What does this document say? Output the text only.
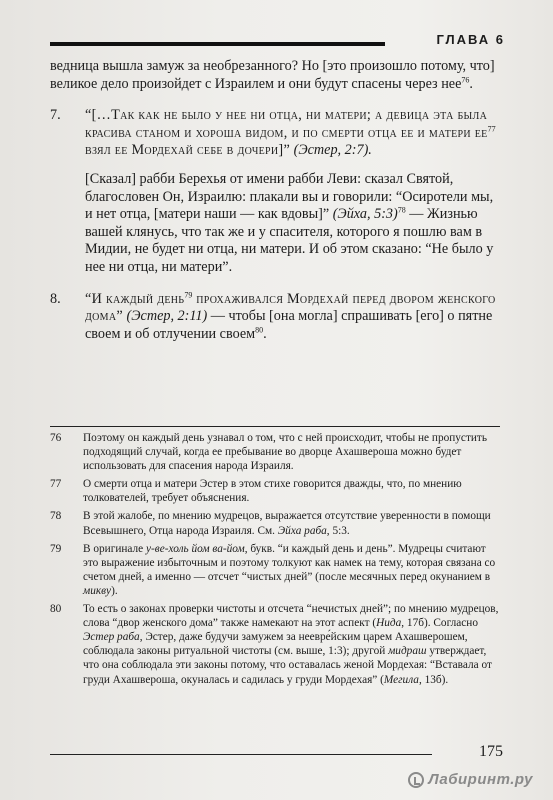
ГЛАВА 6

ведница вышла замуж за необрезанного? Но [это произошло потому, что] великое дело произойдет с Израилем и они будут спасены через нее$^{76}$.

7. “[…Так как не было у нее ни отца, ни матери; а девица эта была красива станом и хороша видом, и по смерти отца ее и матери $ее^{77}$ взял ее Мордехай себе в дочери]” (Эстер, 2:7).
[Сказал] рабби Берехья от имени рабби Леви: сказал Святой, благословен Он, Израилю: плакали вы и говорили: “Осиротели мы, и нет отца, [матери наши — как вдовы]” (Эйха, 5:3)$^{78}$ — Жизнью вашей клянусь, что так же и у спасителя, которого я пошлю вам в Мидии, не будет ни отца, ни матери. И об этом сказано: “Не было у нее ни отца, ни матери”.
8. “И каждый день$^{79}$ прохаживался Мордехай перед двором женского дома” (Эстер, 2:11) — чтобы [она могла] спрашивать [его] о пятне своем и об отлучении своем$^{80}$.
76 Поэтому он каждый день узнавал о том, что с ней происходит, чтобы не пропустить подходящий случай, когда ее пребывание во дворце Ахашвероша можно будет использовать для спасения народа Израиля.
77 О смерти отца и матери Эстер в этом стихе говорится дважды, что, по мнению толкователей, требует объяснения.
78 В этой жалобе, по мнению мудрецов, выражается отсутствие уверенности в помощи Всевышнего, Отца народа Израиля. См. Эйха раба, 5:3.
79 В оригинале у-ве-холь йом ва-йом, букв. “и каждый день и день”. Мудрецы считают это выражение избыточным и поэтому толкуют как намек на тему, которая связана со счетом дней, а именно — отсчет “чистых дней” (после месячных перед окунанием в микву).
80 То есть о законах проверки чистоты и отсчета “нечистых дней”; по мнению мудрецов, слова “двор женского дома” также намекают на этот аспект (Нида, 17б). Согласно Эстер раба, Эстер, даже будучи замужем за неевре́йским царем Ахашверошем, соблюдала законы ритуальной чистоты (см. выше, 1:3); другой мидраш утверждает, что она соблюдала эти законы потому, что оставалась женой Мордехая: “Вставала от груди Ахашвероша, окуналась и садилась у груди Мордехая” (Мегила, 13б).
175
Лабиринт.ру
